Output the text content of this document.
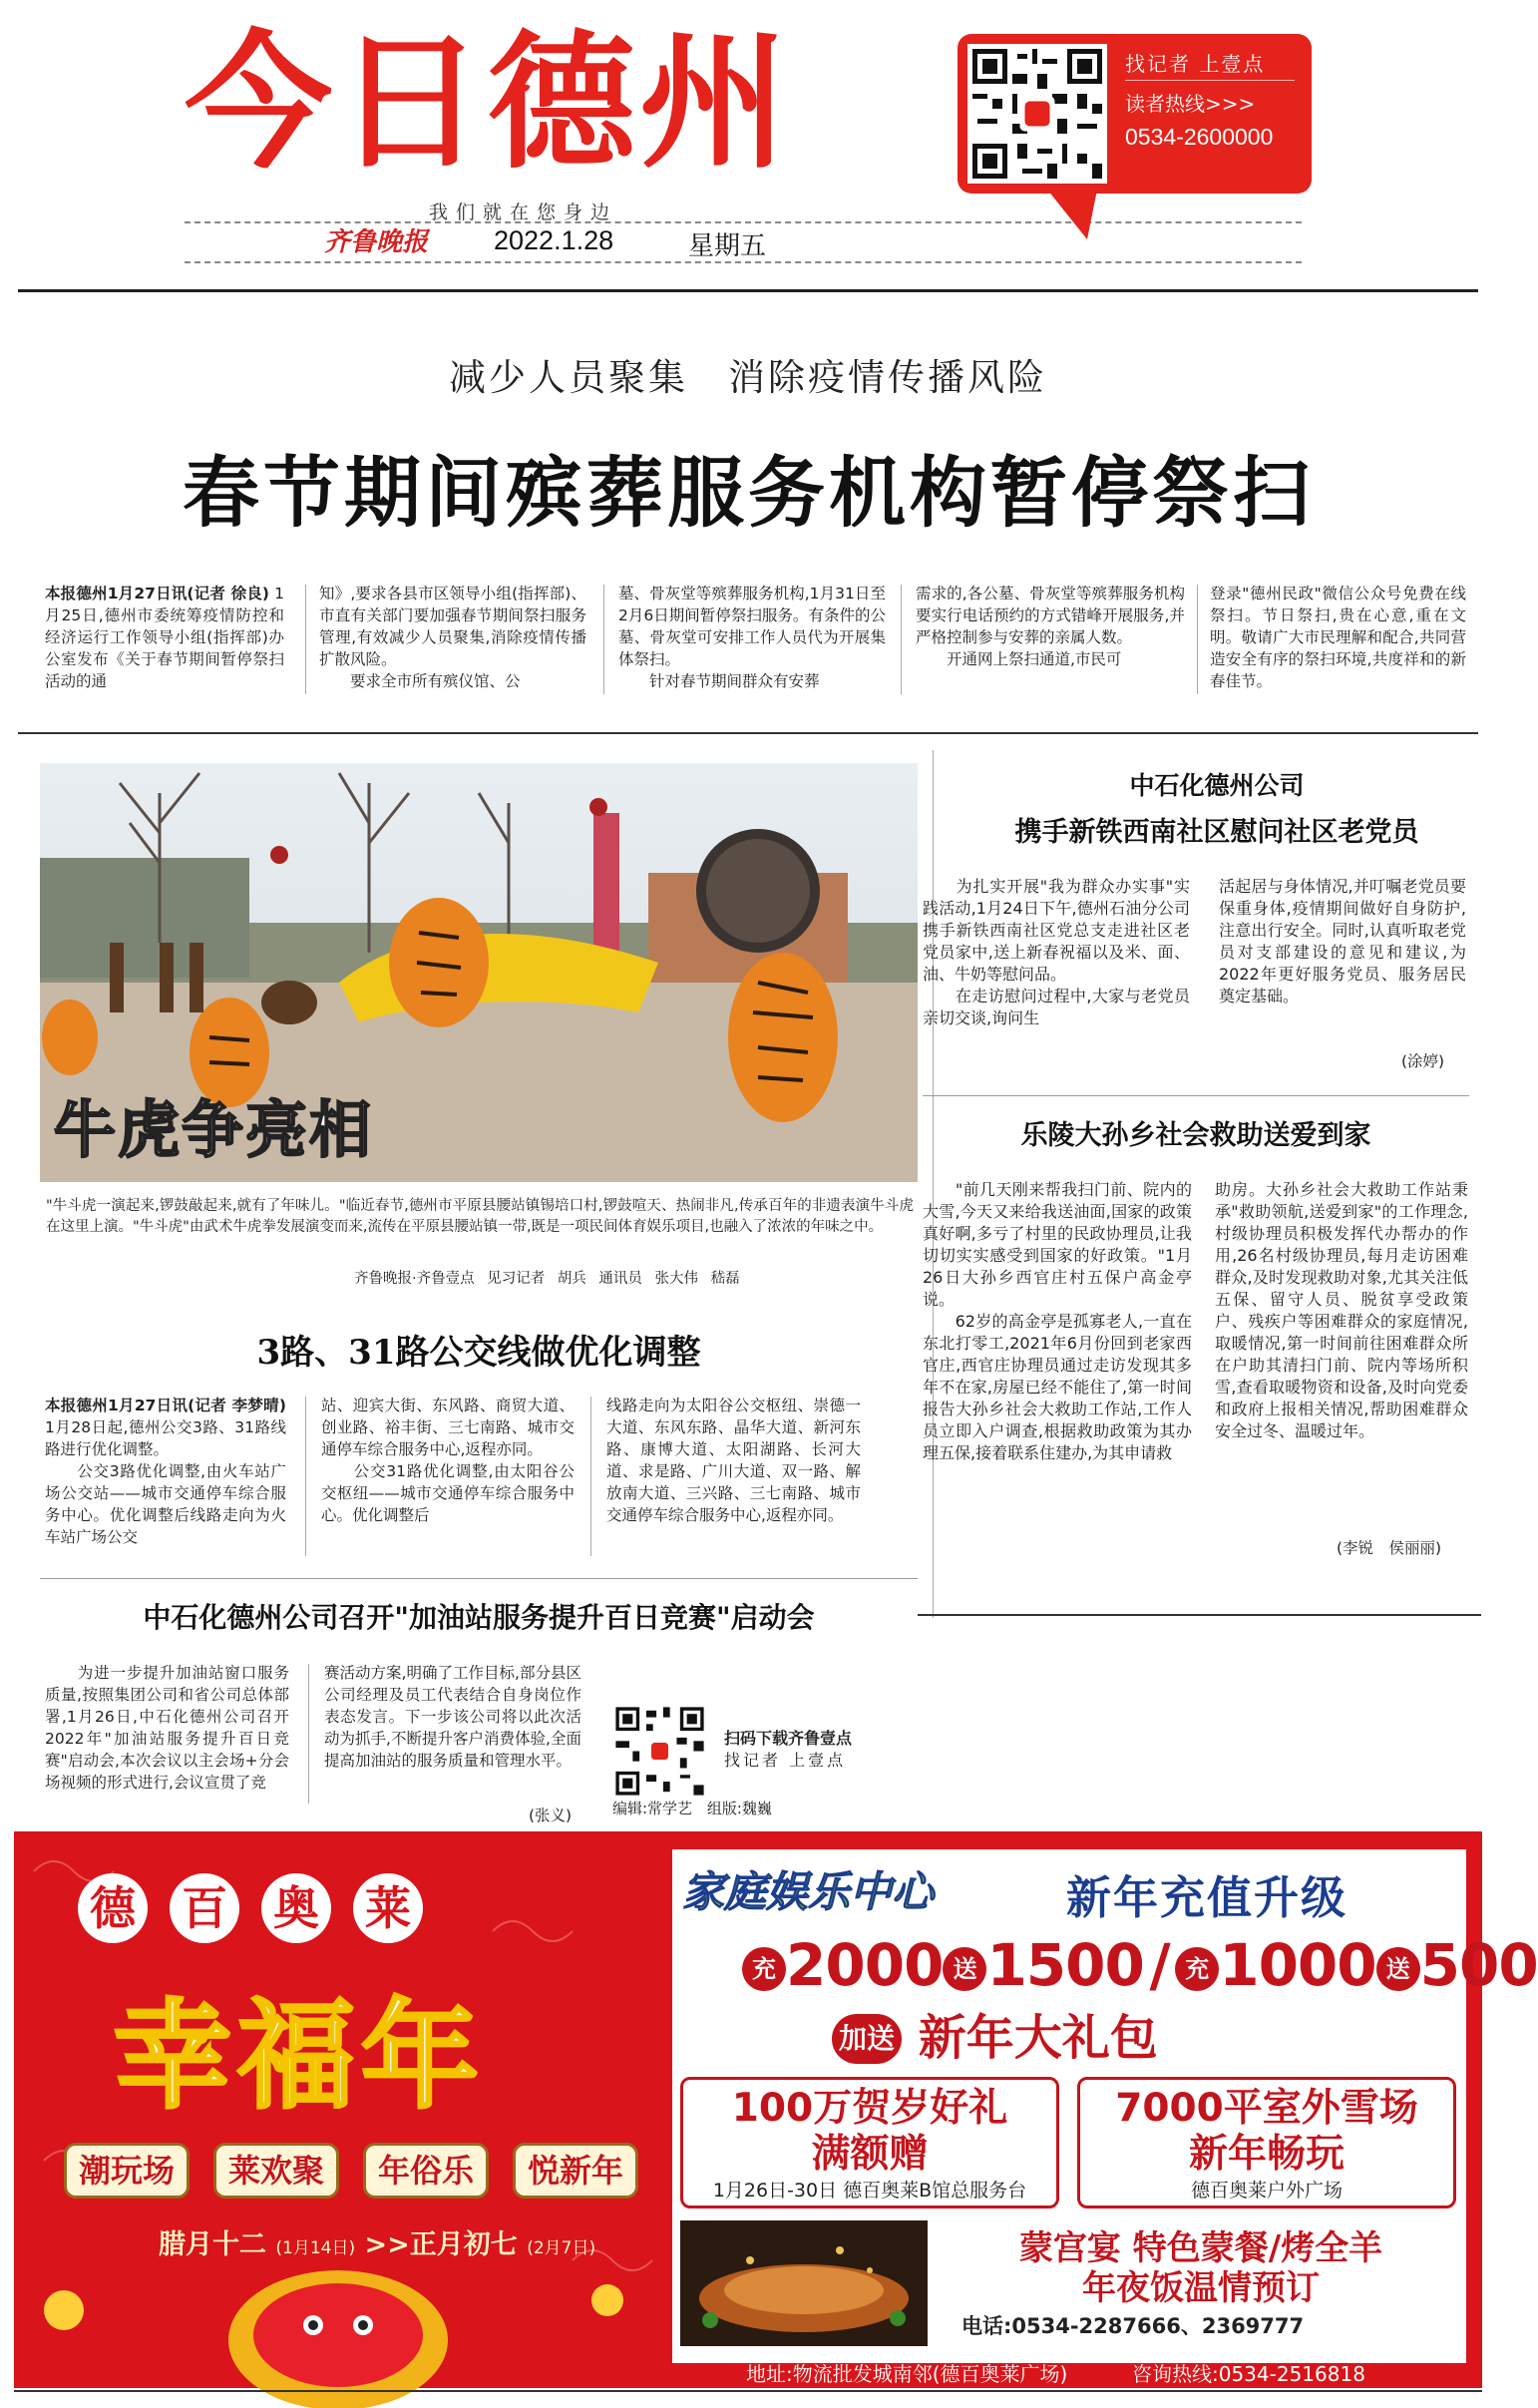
今日德州
我们就在您身边
齐鲁晚报 2022.1.28	星期五
找记者 上壹点
读者热线>>>
0534-2600000
减少人员聚集　消除疫情传播风险
春节期间殡葬服务机构暂停祭扫
本报德州1月27日讯(记者 徐良) 1月25日,德州市委统筹疫情防控和经济运行工作领导小组(指挥部)办公室发布《关于春节期间暂停祭扫活动的通
知》,要求各县市区领导小组(指挥部)、市直有关部门要加强春节期间祭扫服务管理,有效减少人员聚集,消除疫情传播扩散风险。
　　要求全市所有殡仪馆、公
墓、骨灰堂等殡葬服务机构,1月31日至2月6日期间暂停祭扫服务。有条件的公墓、骨灰堂可安排工作人员代为开展集体祭扫。
　　针对春节期间群众有安葬
需求的,各公墓、骨灰堂等殡葬服务机构要实行电话预约的方式错峰开展服务,并严格控制参与安葬的亲属人数。
　　开通网上祭扫通道,市民可
登录"德州民政"微信公众号免费在线祭扫。节日祭扫,贵在心意,重在文明。敬请广大市民理解和配合,共同营造安全有序的祭扫环境,共度祥和的新春佳节。
牛虎争亮相
"牛斗虎一演起来,锣鼓敲起来,就有了年味儿。"临近春节,德州市平原县腰站镇锡培口村,锣鼓喧天、热闹非凡,传承百年的非遗表演牛斗虎在这里上演。"牛斗虎"由武术牛虎拳发展演变而来,流传在平原县腰站镇一带,既是一项民间体育娱乐项目,也融入了浓浓的年味之中。
齐鲁晚报·齐鲁壹点 见习记者 胡兵 通讯员 张大伟 嵇磊
中石化德州公司
携手新铁西南社区慰问社区老党员
　　为扎实开展"我为群众办实事"实践活动,1月24日下午,德州石油分公司携手新铁西南社区党总支走进社区老党员家中,送上新春祝福以及米、面、油、牛奶等慰问品。
　　在走访慰问过程中,大家与老党员亲切交谈,询问生
活起居与身体情况,并叮嘱老党员要保重身体,疫情期间做好自身防护,注意出行安全。同时,认真听取老党员对支部建设的意见和建议,为2022年更好服务党员、服务居民奠定基础。
(涂婷)
乐陵大孙乡社会救助送爱到家
　　"前几天刚来帮我扫门前、院内的大雪,今天又来给我送油面,国家的政策真好啊,多亏了村里的民政协理员,让我切切实实感受到国家的好政策。"1月26日大孙乡西官庄村五保户高金亭说。
　　62岁的高金亭是孤寡老人,一直在东北打零工,2021年6月份回到老家西官庄,西官庄协理员通过走访发现其多年不在家,房屋已经不能住了,第一时间报告大孙乡社会大救助工作站,工作人员立即入户调查,根据救助政策为其办理五保,接着联系住建办,为其申请救
助房。大孙乡社会大救助工作站秉承"救助领航,送爱到家"的工作理念,村级协理员积极发挥代办帮办的作用,26名村级协理员,每月走访困难群众,及时发现救助对象,尤其关注低五保、留守人员、脱贫享受政策户、残疾户等困难群众的家庭情况,取暖情况,第一时间前往困难群众所在户助其清扫门前、院内等场所积雪,查看取暖物资和设备,及时向党委和政府上报相关情况,帮助困难群众安全过冬、温暖过年。
(李锐　侯丽丽)
3路、31路公交线做优化调整
本报德州1月27日讯(记者 李梦晴) 1月28日起,德州公交3路、31路线路进行优化调整。
　　公交3路优化调整,由火车站广场公交站——城市交通停车综合服务中心。优化调整后线路走向为火车站广场公交
站、迎宾大街、东风路、商贸大道、创业路、裕丰街、三七南路、城市交通停车综合服务中心,返程亦同。
　　公交31路优化调整,由太阳谷公交枢纽——城市交通停车综合服务中心。优化调整后
线路走向为太阳谷公交枢纽、崇德一大道、东风东路、晶华大道、新河东路、康博大道、太阳湖路、长河大道、求是路、广川大道、双一路、解放南大道、三兴路、三七南路、城市交通停车综合服务中心,返程亦同。
中石化德州公司召开"加油站服务提升百日竞赛"启动会
　　为进一步提升加油站窗口服务质量,按照集团公司和省公司总体部署,1月26日,中石化德州公司召开2022年"加油站服务提升百日竞赛"启动会,本次会议以主会场+分会场视频的形式进行,会议宣贯了竞
赛活动方案,明确了工作目标,部分县区公司经理及员工代表结合自身岗位作表态发言。下一步该公司将以此次活动为抓手,不断提升客户消费体验,全面提高加油站的服务质量和管理水平。
(张义)
扫码下载齐鲁壹点
找记者 上壹点
编辑:常学艺 组版:魏巍
德 百 奥 莱
幸福年
潮玩场	莱欢聚	年俗乐	悦新年
腊月十二 (1月14日) >>正月初七 (2月7日)
家庭娱乐中心	新年充值升级
充 2000 送 1500 / 充 1000 送 500
加送 新年大礼包
100万贺岁好礼
满额赠
1月26日-30日 德百奥莱B馆总服务台
7000平室外雪场
新年畅玩
德百奥莱户外广场
蒙宫宴 特色蒙餐/烤全羊
年夜饭温情预订
电话:0534-2287666、2369777
地址:物流批发城南邻(德百奥莱广场)	咨询热线:0534-2516818
